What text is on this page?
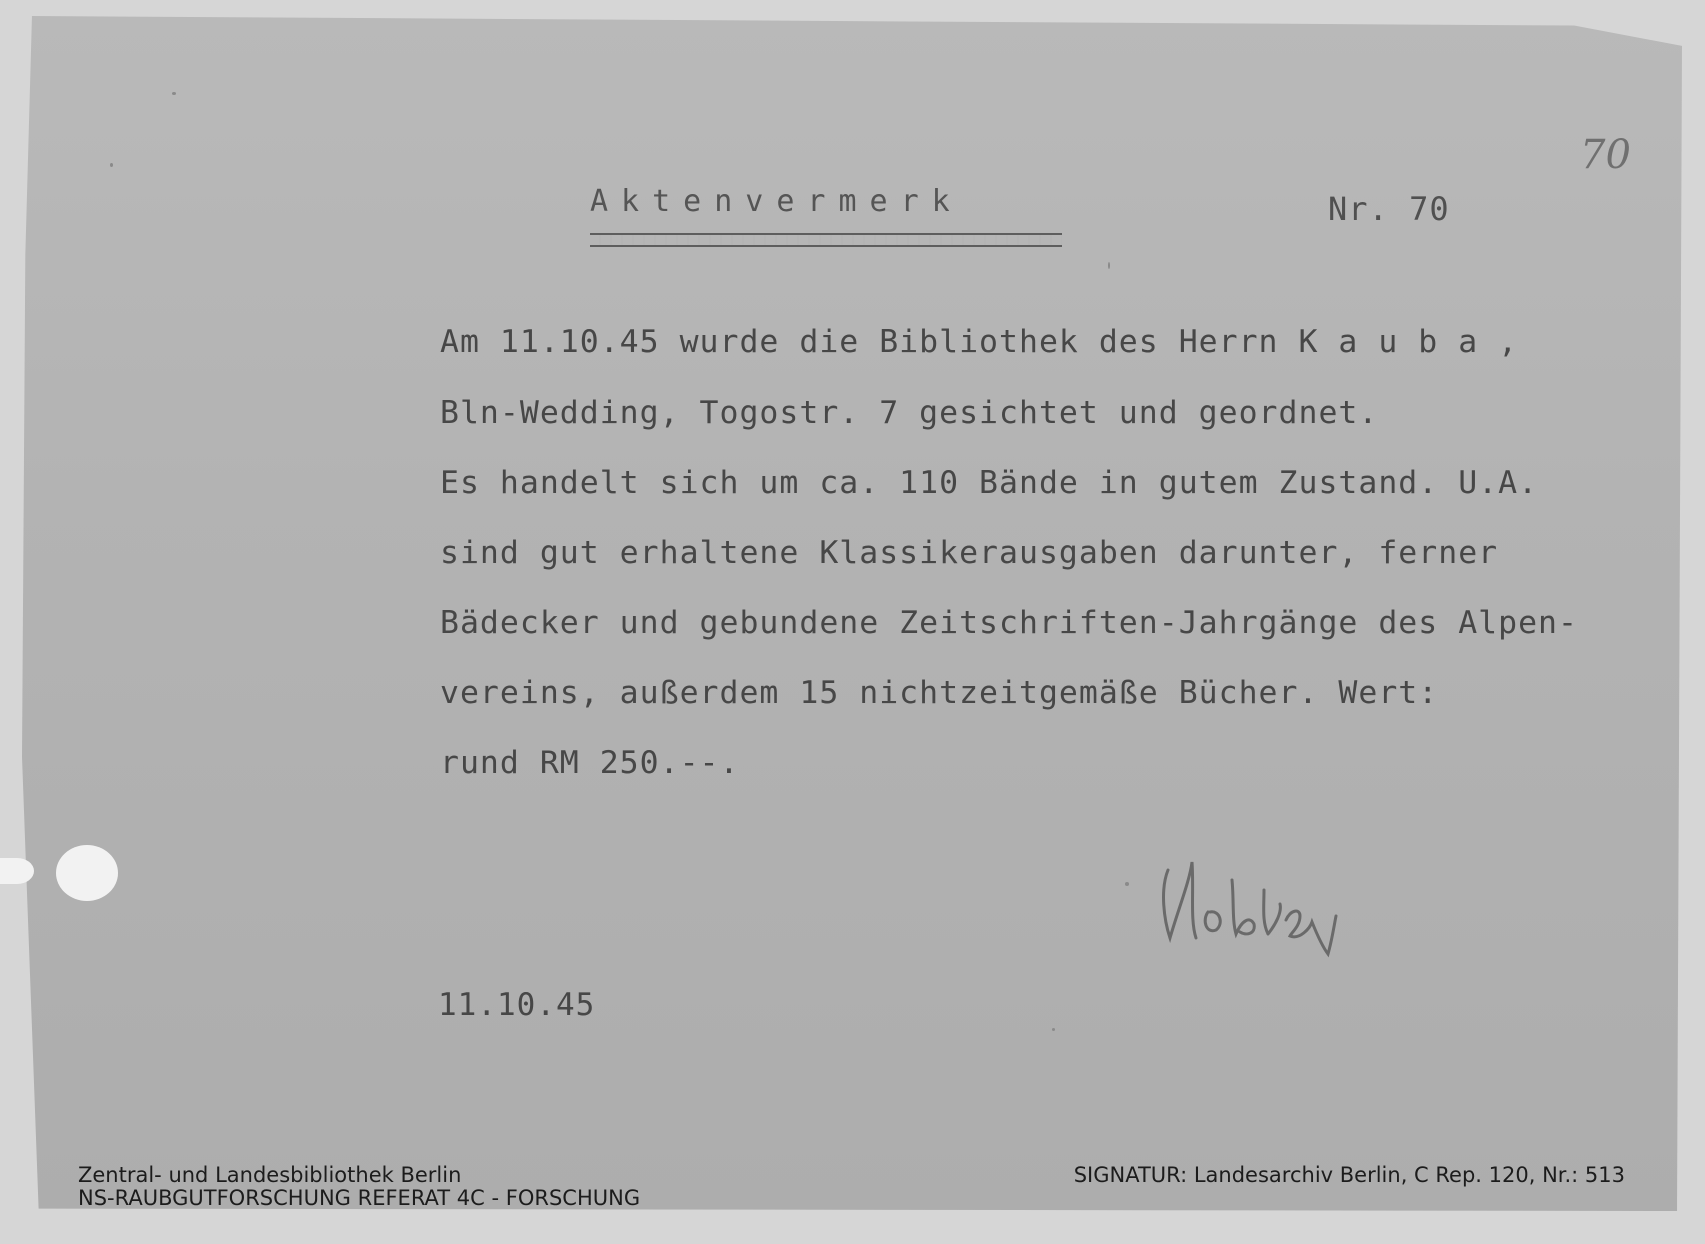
Aktenvermerk	Nr. 70
70
Am 11.10.45 wurde die Bibliothek des Herrn K a u b a ,
Bln-Wedding, Togostr. 7 gesichtet und geordnet.
Es handelt sich um ca. 110 Bände in gutem Zustand. U.A.
sind gut erhaltene Klassikerausgaben darunter, ferner
Bädecker und gebundene Zeitschriften-Jahrgänge des Alpen-
vereins, außerdem 15 nichtzeitgemäße Bücher. Wert:
rund RM 250.--.
11.10.45
Zentral- und Landesbibliothek Berlin
NS-RAUBGUTFORSCHUNG REFERAT 4C - FORSCHUNG
SIGNATUR: Landesarchiv Berlin, C Rep. 120, Nr.: 513
